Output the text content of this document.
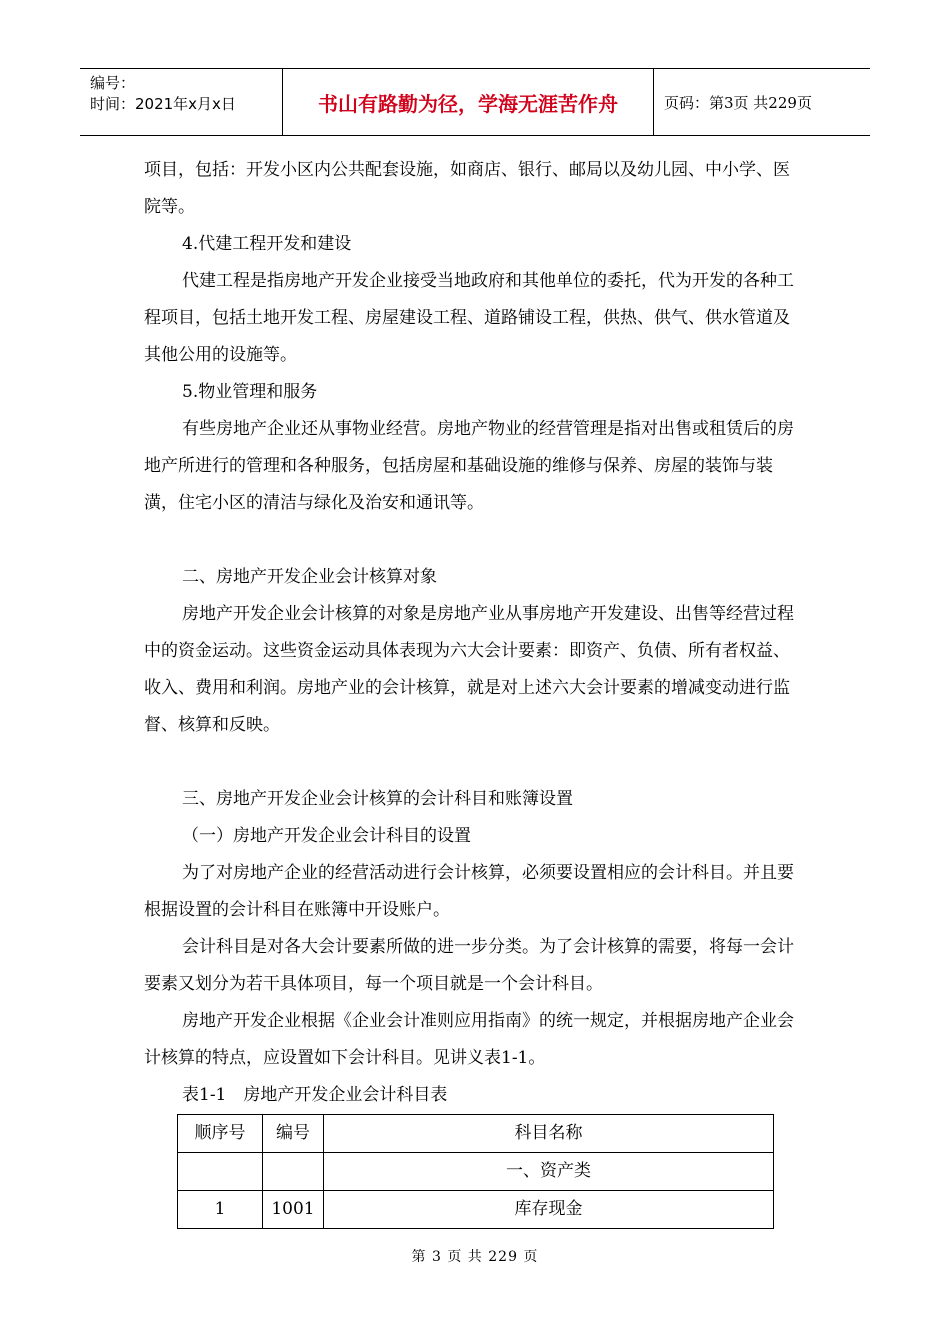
编号：
时间：2021年x月x日	书山有路勤为径，学海无涯苦作舟	页码：第3页 共229页

项目，包括：开发小区内公共配套设施，如商店、银行、邮局以及幼儿园、中小学、医院等。

4.代建工程开发和建设

代建工程是指房地产开发企业接受当地政府和其他单位的委托，代为开发的各种工程项目，包括土地开发工程、房屋建设工程、道路铺设工程，供热、供气、供水管道及其他公用的设施等。

5.物业管理和服务

有些房地产企业还从事物业经营。房地产物业的经营管理是指对出售或租赁后的房地产所进行的管理和各种服务，包括房屋和基础设施的维修与保养、房屋的装饰与装潢，住宅小区的清洁与绿化及治安和通讯等。

二、房地产开发企业会计核算对象

房地产开发企业会计核算的对象是房地产业从事房地产开发建设、出售等经营过程中的资金运动。这些资金运动具体表现为六大会计要素：即资产、负债、所有者权益、收入、费用和利润。房地产业的会计核算，就是对上述六大会计要素的增减变动进行监督、核算和反映。

三、房地产开发企业会计核算的会计科目和账簿设置

（一）房地产开发企业会计科目的设置

为了对房地产企业的经营活动进行会计核算，必须要设置相应的会计科目。并且要根据设置的会计科目在账簿中开设账户。

会计科目是对各大会计要素所做的进一步分类。为了会计核算的需要，将每一会计要素又划分为若干具体项目，每一个项目就是一个会计科目。

房地产开发企业根据《企业会计准则应用指南》的统一规定，并根据房地产企业会计核算的特点，应设置如下会计科目。见讲义表1-1。

表1-1　房地产开发企业会计科目表

顺序号	编号	科目名称
		一、资产类
1	1001	库存现金
第 3 页 共 229 页
